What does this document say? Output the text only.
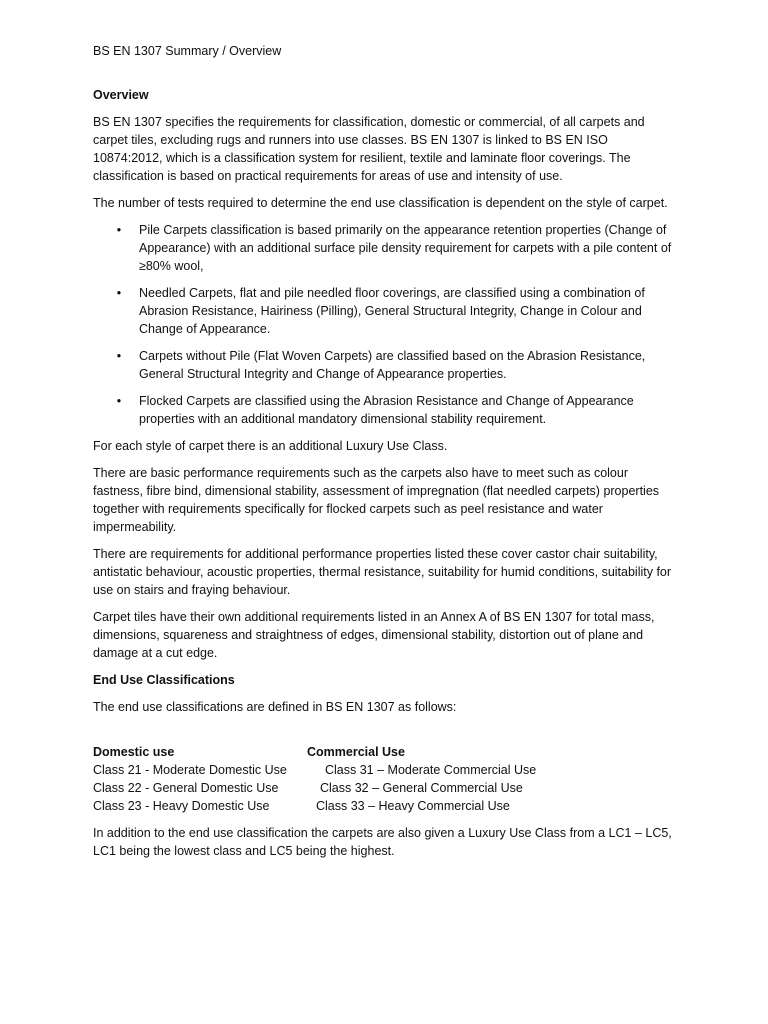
BS EN 1307 Summary / Overview
Overview

BS EN 1307 specifies the requirements for classification, domestic or commercial, of all carpets and carpet tiles, excluding rugs and runners into use classes. BS EN 1307 is linked to BS EN ISO 10874:2012, which is a classification system for resilient, textile and laminate floor coverings. The classification is based on practical requirements for areas of use and intensity of use.

The number of tests required to determine the end use classification is dependent on the style of carpet.

• Pile Carpets classification is based primarily on the appearance retention properties (Change of Appearance) with an additional surface pile density requirement for carpets with a pile content of ≥80% wool,
• Needled Carpets, flat and pile needled floor coverings, are classified using a combination of Abrasion Resistance, Hairiness (Pilling), General Structural Integrity, Change in Colour and Change of Appearance.
• Carpets without Pile (Flat Woven Carpets) are classified based on the Abrasion Resistance, General Structural Integrity and Change of Appearance properties.
• Flocked Carpets are classified using the Abrasion Resistance and Change of Appearance properties with an additional mandatory dimensional stability requirement.

For each style of carpet there is an additional Luxury Use Class.

There are basic performance requirements such as the carpets also have to meet such as colour fastness, fibre bind, dimensional stability, assessment of impregnation (flat needled carpets) properties together with requirements specifically for flocked carpets such as peel resistance and water impermeability.

There are requirements for additional performance properties listed these cover castor chair suitability, antistatic behaviour, acoustic properties, thermal resistance, suitability for humid conditions, suitability for use on stairs and fraying behaviour.

Carpet tiles have their own additional requirements listed in an Annex A of BS EN 1307 for total mass, dimensions, squareness and straightness of edges, dimensional stability, distortion out of plane and damage at a cut edge.

End Use Classifications

The end use classifications are defined in BS EN 1307 as follows:

Domestic use	Commercial Use
Class 21 - Moderate Domestic Use	Class 31 – Moderate Commercial Use
Class 22 - General Domestic Use	Class 32 – General Commercial Use
Class 23 - Heavy Domestic Use	Class 33 – Heavy Commercial Use

In addition to the end use classification the carpets are also given a Luxury Use Class from a LC1 – LC5, LC1 being the lowest class and LC5 being the highest.
